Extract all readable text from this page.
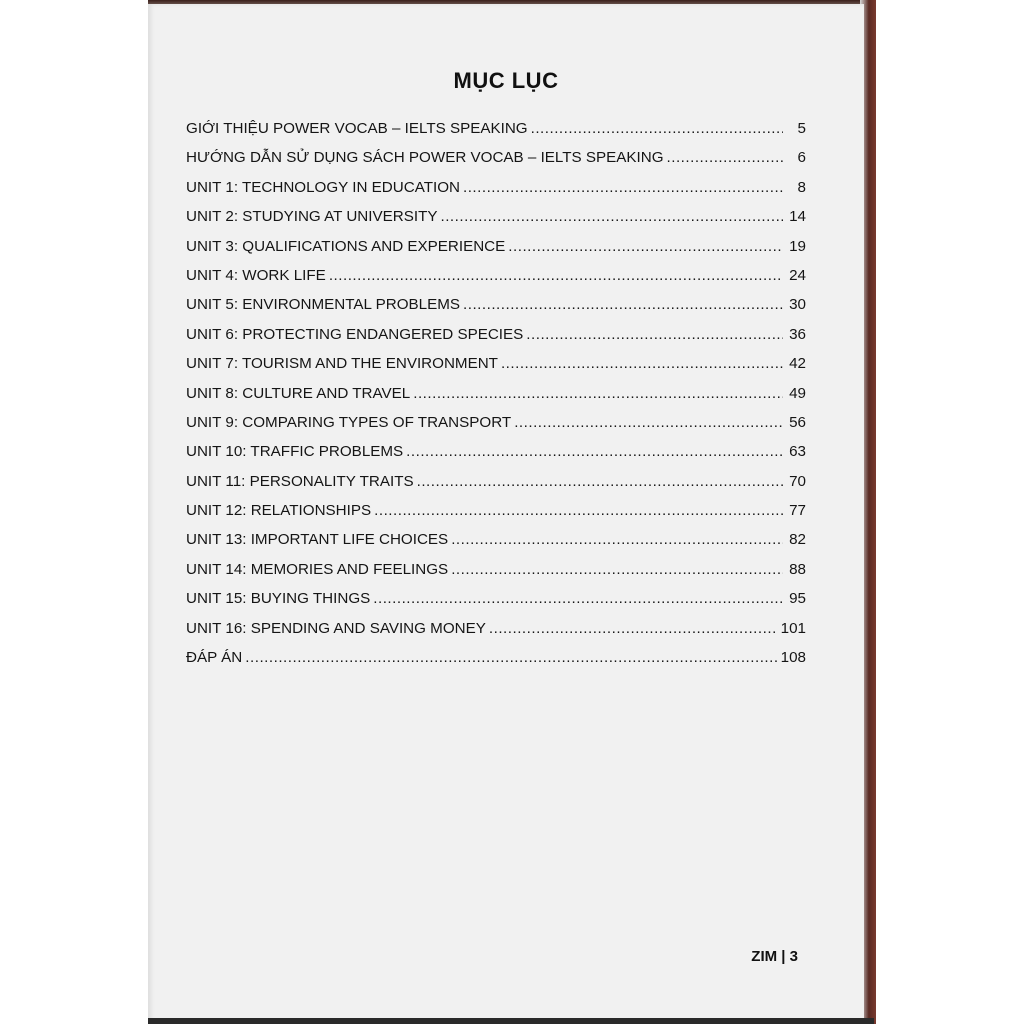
MỤC LỤC
GIỚI THIỆU POWER VOCAB – IELTS SPEAKING .....	5
HƯỚNG DẪN SỬ DỤNG SÁCH POWER VOCAB – IELTS SPEAKING .....	6
UNIT 1: TECHNOLOGY IN EDUCATION .....	8
UNIT 2: STUDYING AT UNIVERSITY .....	14
UNIT 3: QUALIFICATIONS AND EXPERIENCE .....	19
UNIT 4: WORK LIFE .....	24
UNIT 5: ENVIRONMENTAL PROBLEMS .....	30
UNIT 6: PROTECTING ENDANGERED SPECIES .....	36
UNIT 7: TOURISM AND THE ENVIRONMENT .....	42
UNIT 8: CULTURE AND TRAVEL .....	49
UNIT 9: COMPARING TYPES OF TRANSPORT .....	56
UNIT 10: TRAFFIC PROBLEMS .....	63
UNIT 11: PERSONALITY TRAITS .....	70
UNIT 12: RELATIONSHIPS .....	77
UNIT 13: IMPORTANT LIFE CHOICES .....	82
UNIT 14: MEMORIES AND FEELINGS .....	88
UNIT 15: BUYING THINGS .....	95
UNIT 16: SPENDING AND SAVING MONEY .....	101
ĐÁP ÁN .....	108
ZIM | 3
